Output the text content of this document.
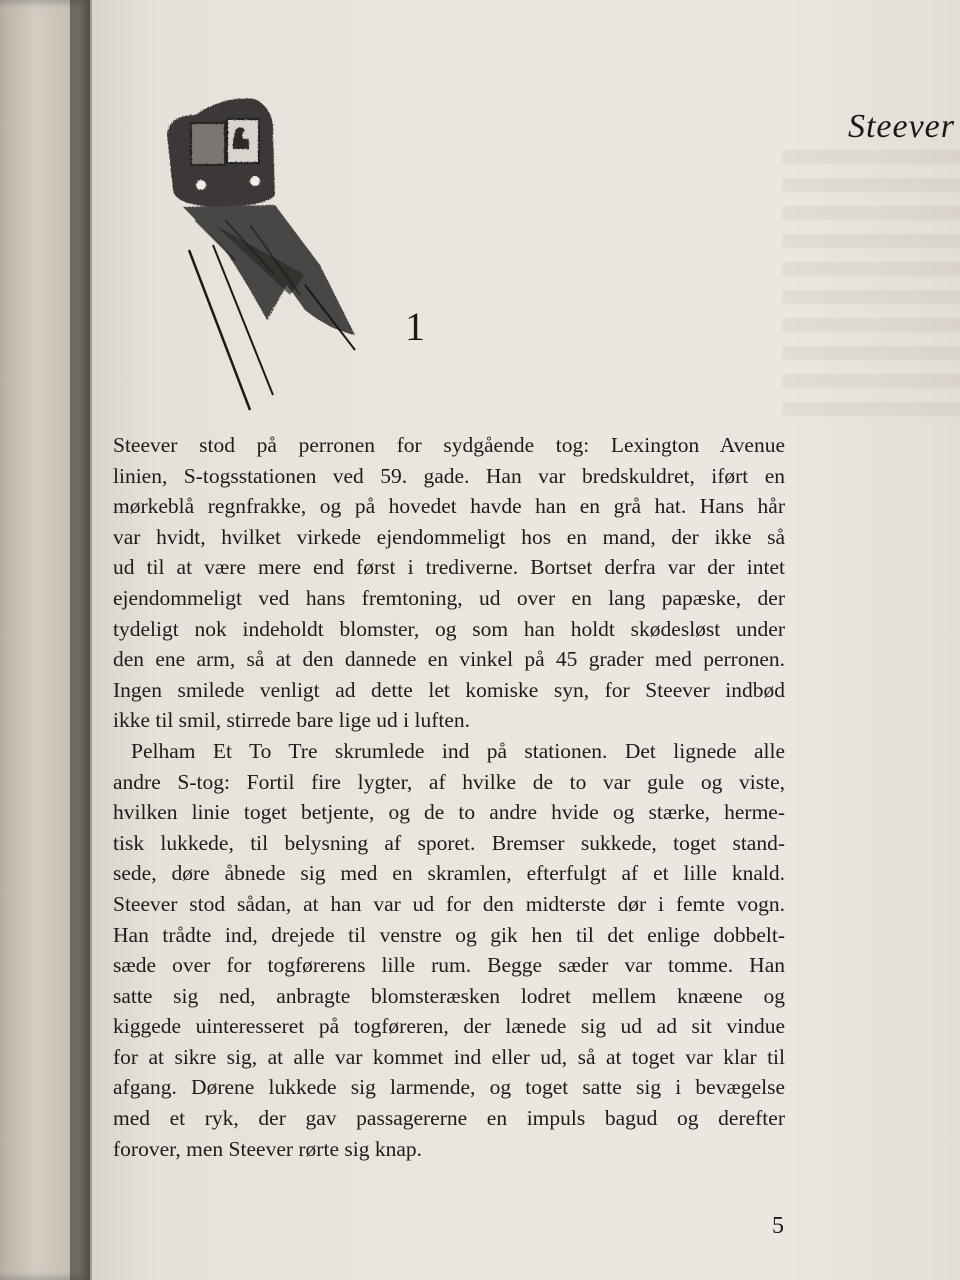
Steever
1

Steever stod på perronen for sydgående tog: Lexington Avenue
linien, S-togsstationen ved 59. gade. Han var bredskuldret, iført en
mørkeblå regnfrakke, og på hovedet havde han en grå hat. Hans hår
var hvidt, hvilket virkede ejendommeligt hos en mand, der ikke så
ud til at være mere end først i trediverne. Bortset derfra var der intet
ejendommeligt ved hans fremtoning, ud over en lang papæske, der
tydeligt nok indeholdt blomster, og som han holdt skødesløst under
den ene arm, så at den dannede en vinkel på 45 grader med perronen.
Ingen smilede venligt ad dette let komiske syn, for Steever indbød
ikke til smil, stirrede bare lige ud i luften.

Pelham Et To Tre skrumlede ind på stationen. Det lignede alle
andre S-tog: Fortil fire lygter, af hvilke de to var gule og viste,
hvilken linie toget betjente, og de to andre hvide og stærke, herme-
tisk lukkede, til belysning af sporet. Bremser sukkede, toget stand-
sede, døre åbnede sig med en skramlen, efterfulgt af et lille knald.
Steever stod sådan, at han var ud for den midterste dør i femte vogn.
Han trådte ind, drejede til venstre og gik hen til det enlige dobbelt-
sæde over for togførerens lille rum. Begge sæder var tomme. Han
satte sig ned, anbragte blomsteræsken lodret mellem knæene og
kiggede uinteresseret på togføreren, der lænede sig ud ad sit vindue
for at sikre sig, at alle var kommet ind eller ud, så at toget var klar til
afgang. Dørene lukkede sig larmende, og toget satte sig i bevægelse
med et ryk, der gav passagererne en impuls bagud og derefter
forover, men Steever rørte sig knap.

5
